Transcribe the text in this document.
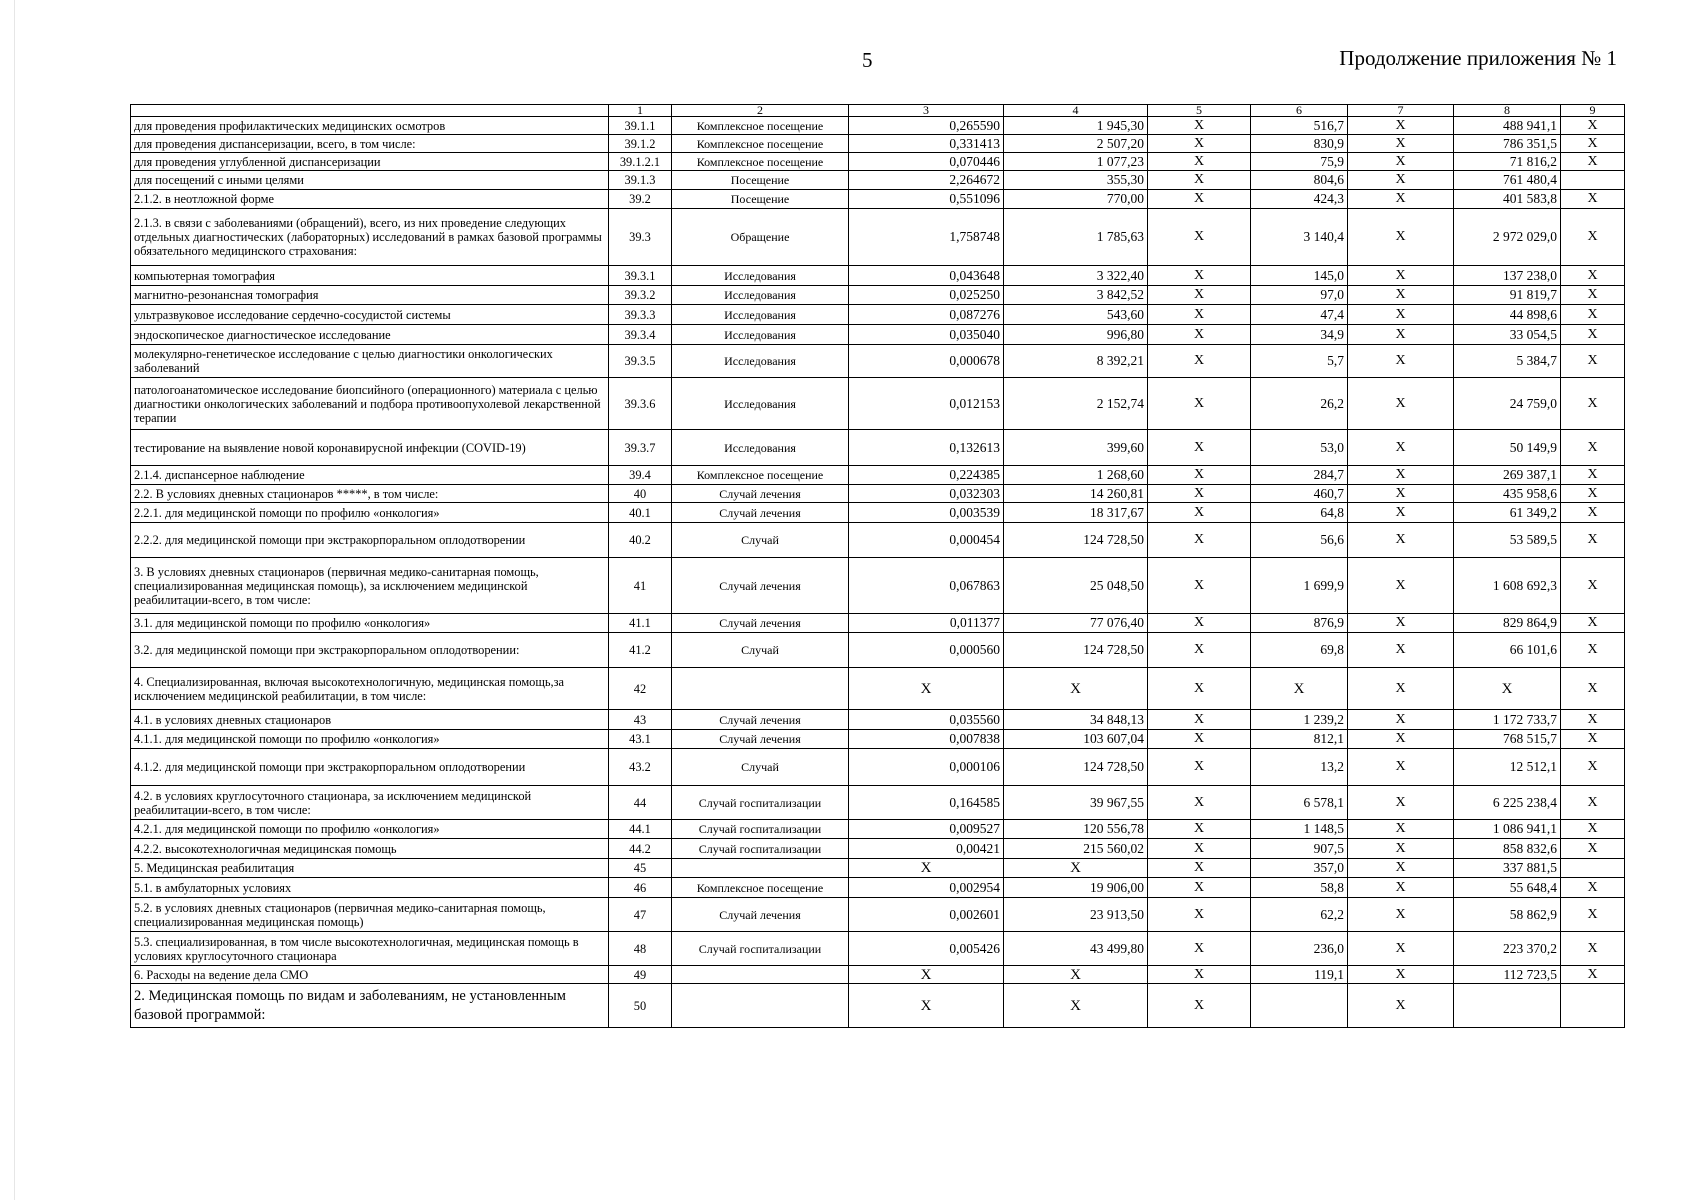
5	Продолжение приложения № 1
	1	2	3	4	5	6	7	8	9
для проведения профилактических медицинских осмотров	39.1.1	Комплексное посещение	0,265590	1 945,30	X	516,7	X	488 941,1	X
для проведения диспансеризации, всего, в том числе:	39.1.2	Комплексное посещение	0,331413	2 507,20	X	830,9	X	786 351,5	X
для проведения углубленной диспансеризации	39.1.2.1	Комплексное посещение	0,070446	1 077,23	X	75,9	X	71 816,2	X
для посещений с иными целями	39.1.3	Посещение	2,264672	355,30	X	804,6	X	761 480,4	
2.1.2. в неотложной форме	39.2	Посещение	0,551096	770,00	X	424,3	X	401 583,8	X
2.1.3. в связи с заболеваниями (обращений), всего, из них проведение следующих отдельных диагностических (лабораторных) исследований в рамках базовой программы обязательного медицинского страхования:	39.3	Обращение	1,758748	1 785,63	X	3 140,4	X	2 972 029,0	X
компьютерная томография	39.3.1	Исследования	0,043648	3 322,40	X	145,0	X	137 238,0	X
магнитно-резонансная томография	39.3.2	Исследования	0,025250	3 842,52	X	97,0	X	91 819,7	X
ультразвуковое исследование сердечно-сосудистой системы	39.3.3	Исследования	0,087276	543,60	X	47,4	X	44 898,6	X
эндоскопическое диагностическое исследование	39.3.4	Исследования	0,035040	996,80	X	34,9	X	33 054,5	X
молекулярно-генетическое исследование с целью диагностики онкологических заболеваний	39.3.5	Исследования	0,000678	8 392,21	X	5,7	X	5 384,7	X
патологоанатомическое исследование биопсийного (операционного) материала с целью диагностики онкологических заболеваний и подбора противоопухолевой лекарственной терапии	39.3.6	Исследования	0,012153	2 152,74	X	26,2	X	24 759,0	X
тестирование на выявление новой коронавирусной инфекции (COVID-19)	39.3.7	Исследования	0,132613	399,60	X	53,0	X	50 149,9	X
2.1.4. диспансерное наблюдение	39.4	Комплексное посещение	0,224385	1 268,60	X	284,7	X	269 387,1	X
2.2. В условиях дневных стационаров *****, в том числе:	40	Случай лечения	0,032303	14 260,81	X	460,7	X	435 958,6	X
2.2.1. для медицинской помощи по профилю «онкология»	40.1	Случай лечения	0,003539	18 317,67	X	64,8	X	61 349,2	X
2.2.2. для медицинской помощи при экстракорпоральном оплодотворении	40.2	Случай	0,000454	124 728,50	X	56,6	X	53 589,5	X
3. В условиях дневных стационаров (первичная медико-санитарная помощь, специализированная медицинская помощь), за исключением медицинской реабилитации-всего, в том числе:	41	Случай лечения	0,067863	25 048,50	X	1 699,9	X	1 608 692,3	X
3.1. для медицинской помощи по профилю «онкология»	41.1	Случай лечения	0,011377	77 076,40	X	876,9	X	829 864,9	X
3.2. для медицинской помощи при экстракорпоральном оплодотворении:	41.2	Случай	0,000560	124 728,50	X	69,8	X	66 101,6	X
4. Специализированная, включая высокотехнологичную, медицинская помощь,за исключением медицинской реабилитации, в том числе:	42		X	X	X	X	X	X	X
4.1. в условиях дневных стационаров	43	Случай лечения	0,035560	34 848,13	X	1 239,2	X	1 172 733,7	X
4.1.1. для медицинской помощи по профилю «онкология»	43.1	Случай лечения	0,007838	103 607,04	X	812,1	X	768 515,7	X
4.1.2. для медицинской помощи при экстракорпоральном оплодотворении	43.2	Случай	0,000106	124 728,50	X	13,2	X	12 512,1	X
4.2. в условиях круглосуточного стационара, за исключением медицинской реабилитации-всего, в том числе:	44	Случай госпитализации	0,164585	39 967,55	X	6 578,1	X	6 225 238,4	X
4.2.1. для медицинской помощи по профилю «онкология»	44.1	Случай госпитализации	0,009527	120 556,78	X	1 148,5	X	1 086 941,1	X
4.2.2. высокотехнологичная медицинская помощь	44.2	Случай госпитализации	0,00421	215 560,02	X	907,5	X	858 832,6	X
5. Медицинская реабилитация	45		X	X	X	357,0	X	337 881,5	
5.1. в амбулаторных условиях	46	Комплексное посещение	0,002954	19 906,00	X	58,8	X	55 648,4	X
5.2. в условиях дневных стационаров (первичная медико-санитарная помощь, специализированная медицинская помощь)	47	Случай лечения	0,002601	23 913,50	X	62,2	X	58 862,9	X
5.3. специализированная, в том числе высокотехнологичная, медицинская помощь в условиях круглосуточного стационара	48	Случай госпитализации	0,005426	43 499,80	X	236,0	X	223 370,2	X
6. Расходы на ведение дела СМО	49		X	X	X	119,1	X	112 723,5	X
2. Медицинская помощь по видам и заболеваниям, не установленным базовой программой:	50		X	X	X		X		
